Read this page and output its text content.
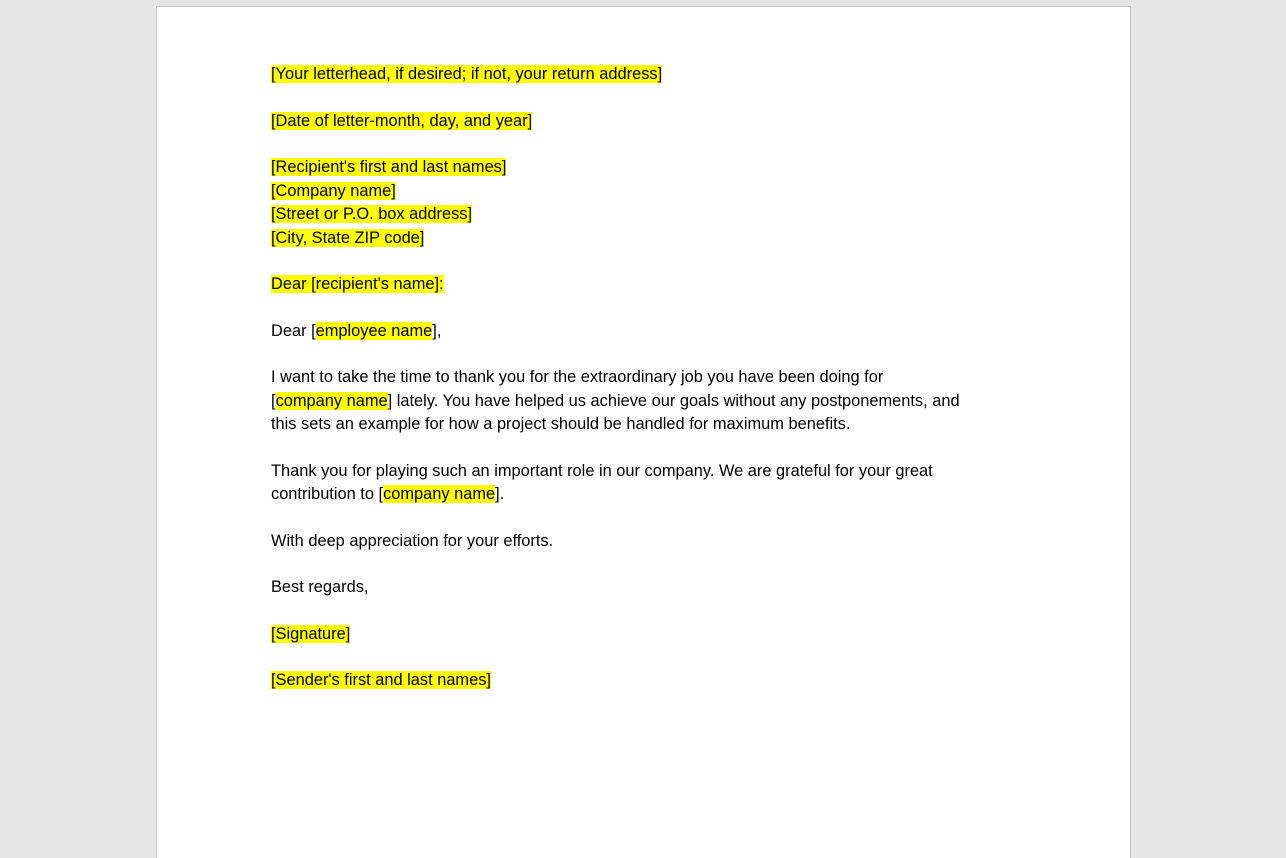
[Your letterhead, if desired; if not, your return address]

[Date of letter-month, day, and year]

[Recipient's first and last names]
[Company name]
[Street or P.O. box address]
[City, State ZIP code]

Dear [recipient's name]:

Dear [employee name],

I want to take the time to thank you for the extraordinary job you have been doing for
[company name] lately. You have helped us achieve our goals without any postponements, and
this sets an example for how a project should be handled for maximum benefits.

Thank you for playing such an important role in our company. We are grateful for your great
contribution to [company name].

With deep appreciation for your efforts.

Best regards,

[Signature]

[Sender's first and last names]
